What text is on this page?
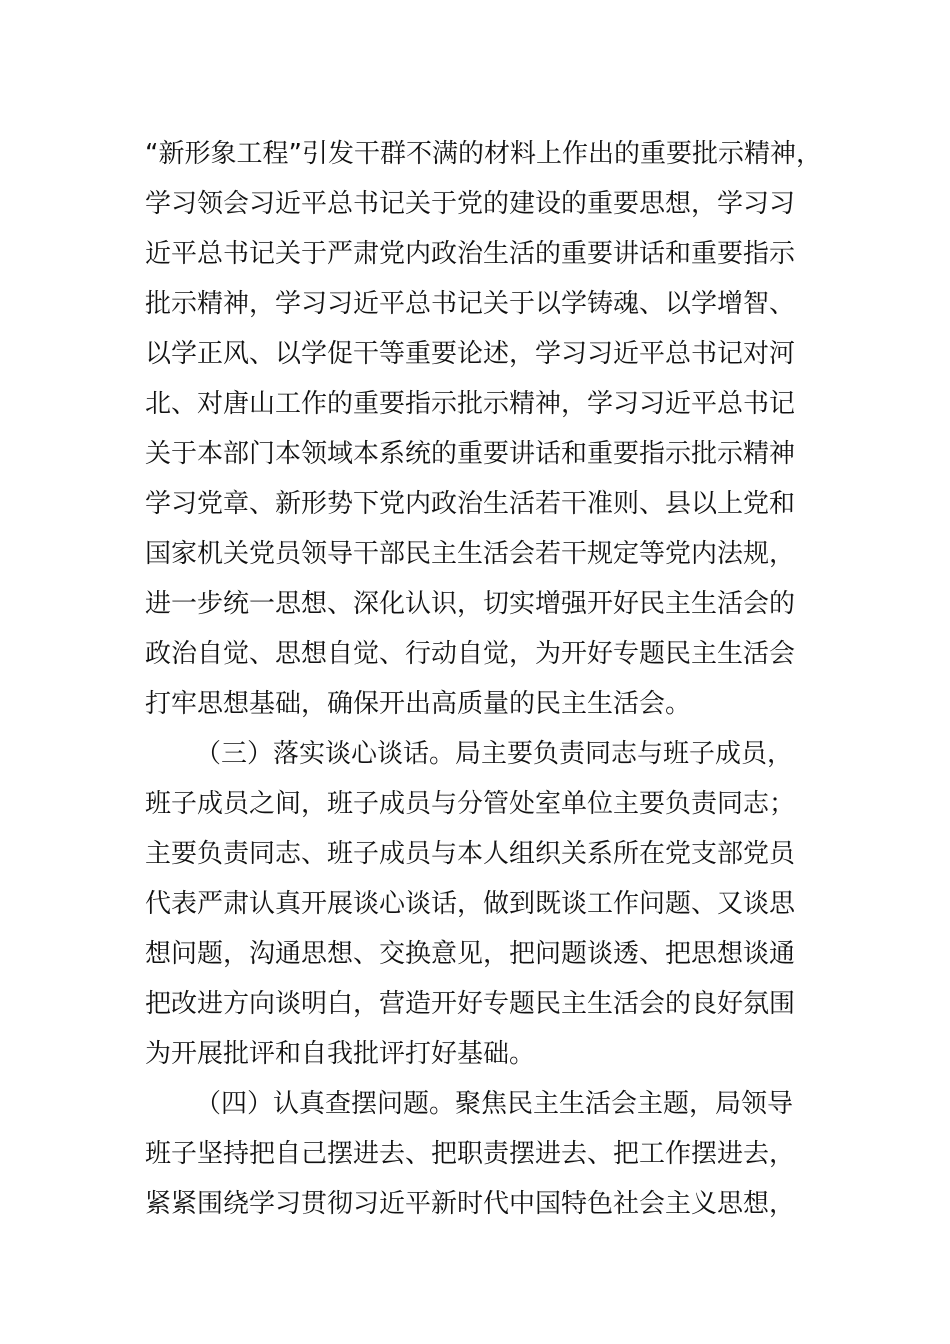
“新形象工程”引发干群不满的材料上作出的重要批示精神，
学习领会习近平总书记关于党的建设的重要思想，学习习
近平总书记关于严肃党内政治生活的重要讲话和重要指示
批示精神，学习习近平总书记关于以学铸魂、以学增智、
以学正风、以学促干等重要论述，学习习近平总书记对河
北、对唐山工作的重要指示批示精神，学习习近平总书记
关于本部门本领域本系统的重要讲话和重要指示批示精神
学习党章、新形势下党内政治生活若干准则、县以上党和
国家机关党员领导干部民主生活会若干规定等党内法规，
进一步统一思想、深化认识，切实增强开好民主生活会的
政治自觉、思想自觉、行动自觉，为开好专题民主生活会
打牢思想基础，确保开出高质量的民主生活会。
（三）落实谈心谈话。局主要负责同志与班子成员，
班子成员之间，班子成员与分管处室单位主要负责同志；
主要负责同志、班子成员与本人组织关系所在党支部党员
代表严肃认真开展谈心谈话，做到既谈工作问题、又谈思
想问题，沟通思想、交换意见，把问题谈透、把思想谈通
把改进方向谈明白，营造开好专题民主生活会的良好氛围
为开展批评和自我批评打好基础。
（四）认真查摆问题。聚焦民主生活会主题，局领导
班子坚持把自己摆进去、把职责摆进去、把工作摆进去，
紧紧围绕学习贯彻习近平新时代中国特色社会主义思想，
